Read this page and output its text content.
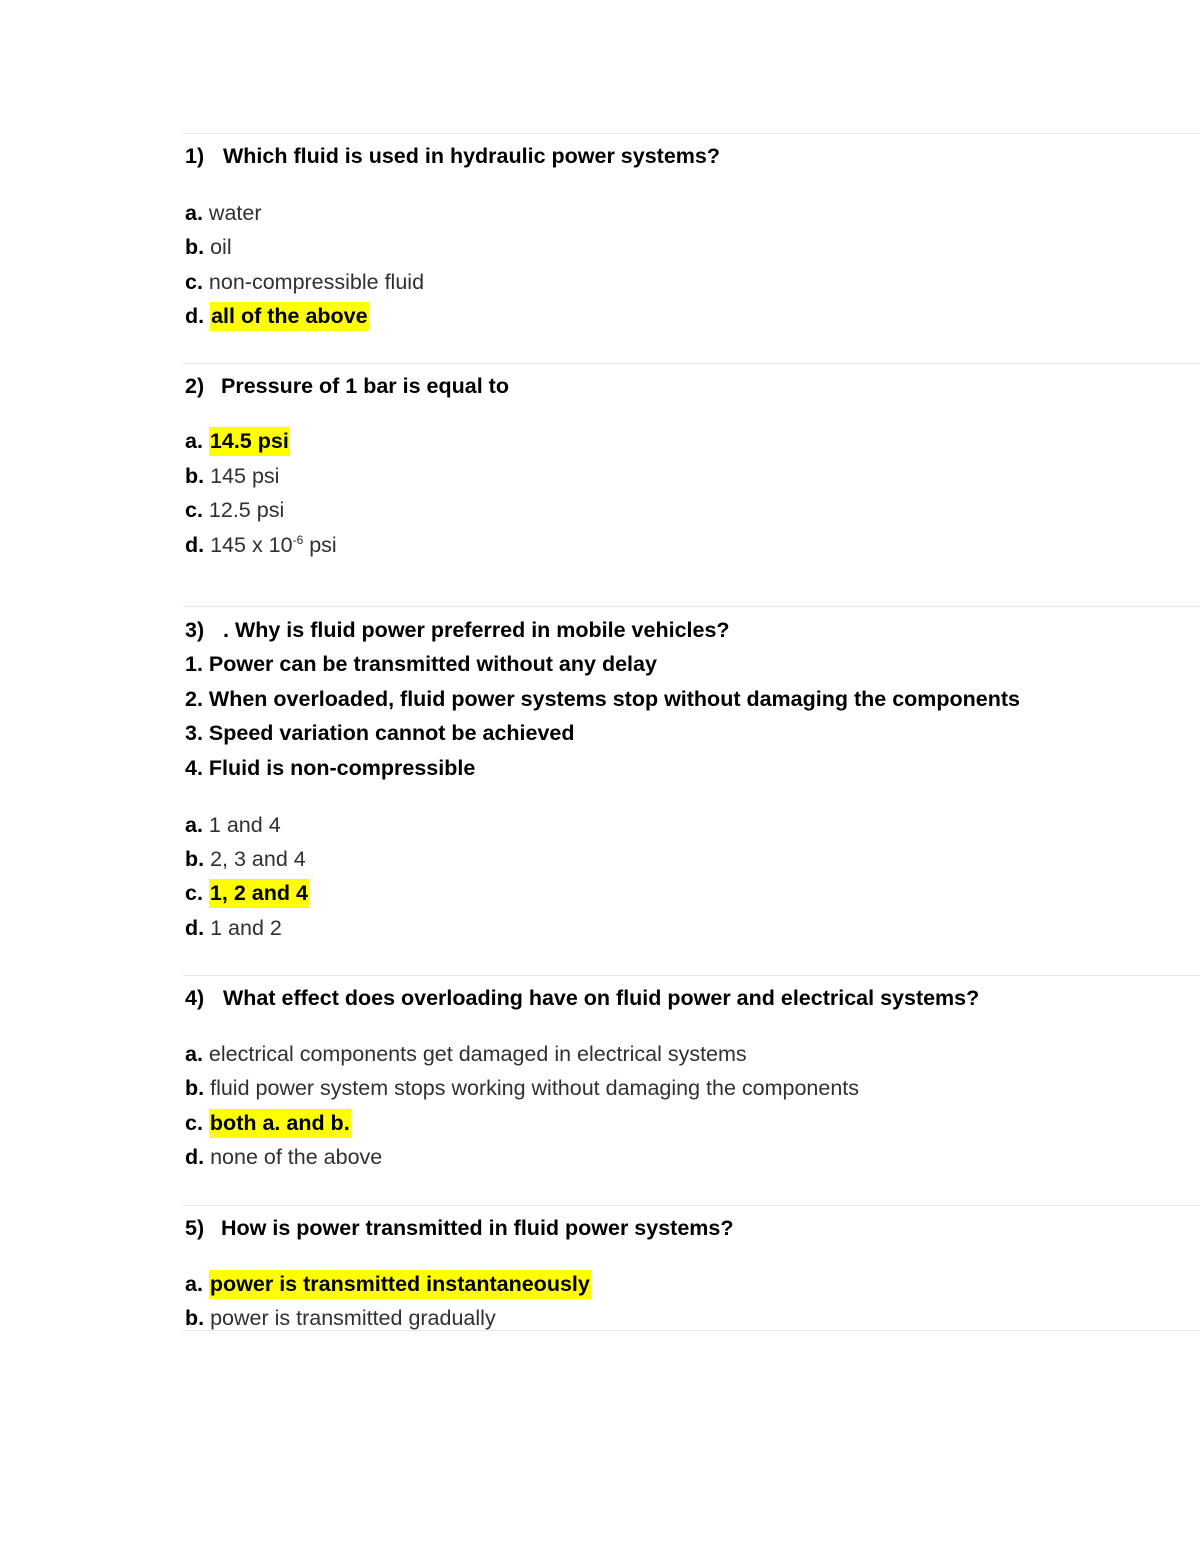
1) Which fluid is used in hydraulic power systems?
a. water
b. oil
c. non-compressible fluid
d. all of the above
2) Pressure of 1 bar is equal to
a. 14.5 psi
b. 145 psi
c. 12.5 psi
d. 145 x $10^{-6}$ psi
3) . Why is fluid power preferred in mobile vehicles?
1. Power can be transmitted without any delay
2. When overloaded, fluid power systems stop without damaging the components
3. Speed variation cannot be achieved
4. Fluid is non-compressible
a. 1 and 4
b. 2, 3 and 4
c. 1, 2 and 4
d. 1 and 2
4) What effect does overloading have on fluid power and electrical systems?
a. electrical components get damaged in electrical systems
b. fluid power system stops working without damaging the components
c. both a. and b.
d. none of the above
5) How is power transmitted in fluid power systems?
a. power is transmitted instantaneously
b. power is transmitted gradually
